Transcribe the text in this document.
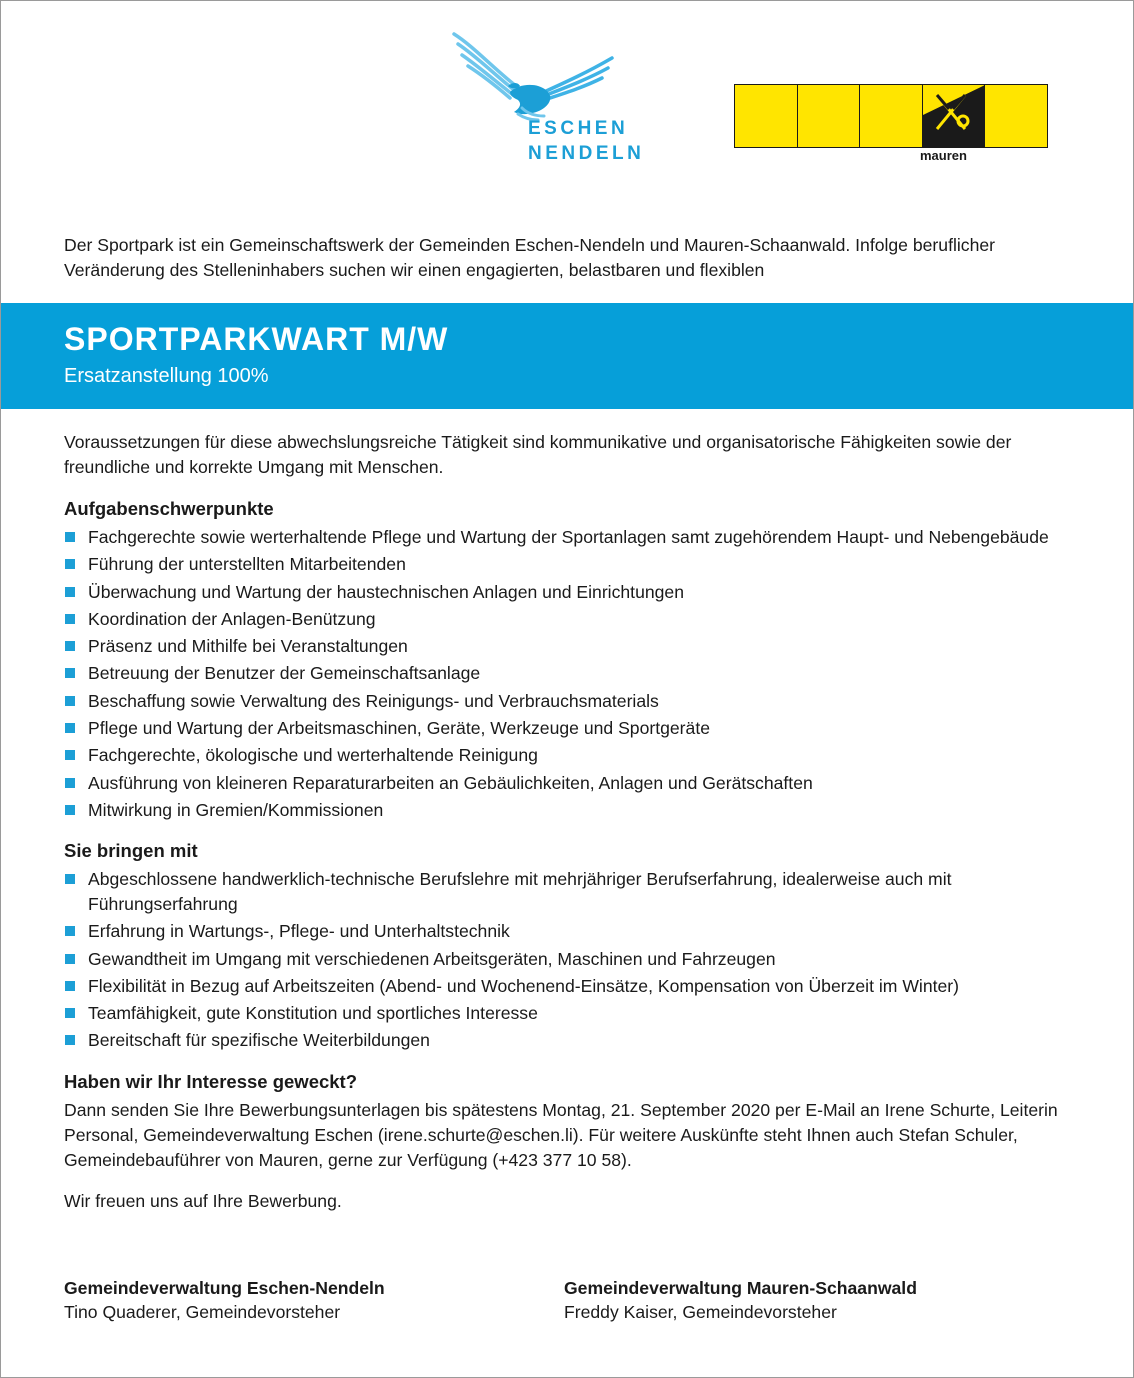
ESCHEN
NENDELN	mauren

Der Sportpark ist ein Gemeinschaftswerk der Gemeinden Eschen-Nendeln und Mauren-Schaanwald. Infolge beruflicher Veränderung des Stelleninhabers suchen wir einen engagierten, belastbaren und flexiblen

SPORTPARKWART M/W
Ersatzanstellung 100%

Voraussetzungen für diese abwechslungsreiche Tätigkeit sind kommunikative und organisatorische Fähigkeiten sowie der freundliche und korrekte Umgang mit Menschen.

Aufgabenschwerpunkte

Fachgerechte sowie werterhaltende Pflege und Wartung der Sportanlagen samt zugehörendem Haupt- und Nebengebäude
Führung der unterstellten Mitarbeitenden
Überwachung und Wartung der haustechnischen Anlagen und Einrichtungen
Koordination der Anlagen-Benützung
Präsenz und Mithilfe bei Veranstaltungen
Betreuung der Benutzer der Gemeinschaftsanlage
Beschaffung sowie Verwaltung des Reinigungs- und Verbrauchsmaterials
Pflege und Wartung der Arbeitsmaschinen, Geräte, Werkzeuge und Sportgeräte
Fachgerechte, ökologische und werterhaltende Reinigung
Ausführung von kleineren Reparaturarbeiten an Gebäulichkeiten, Anlagen und Gerätschaften
Mitwirkung in Gremien/Kommissionen

Sie bringen mit

Abgeschlossene handwerklich-technische Berufslehre mit mehrjähriger Berufserfahrung, idealerweise auch mit Führungserfahrung
Erfahrung in Wartungs-, Pflege- und Unterhaltstechnik
Gewandtheit im Umgang mit verschiedenen Arbeitsgeräten, Maschinen und Fahrzeugen
Flexibilität in Bezug auf Arbeitszeiten (Abend- und Wochenend-Einsätze, Kompensation von Überzeit im Winter)
Teamfähigkeit, gute Konstitution und sportliches Interesse
Bereitschaft für spezifische Weiterbildungen

Haben wir Ihr Interesse geweckt?

Dann senden Sie Ihre Bewerbungsunterlagen bis spätestens Montag, 21. September 2020 per E-Mail an Irene Schurte, Leiterin Personal, Gemeindeverwaltung Eschen (irene.schurte@eschen.li). Für weitere Auskünfte steht Ihnen auch Stefan Schuler, Gemeindebauführer von Mauren, gerne zur Verfügung (+423 377 10 58).

Wir freuen uns auf Ihre Bewerbung.

Gemeindeverwaltung Eschen-Nendeln
Tino Quaderer, Gemeindevorsteher
Gemeindeverwaltung Mauren-Schaanwald
Freddy Kaiser, Gemeindevorsteher
